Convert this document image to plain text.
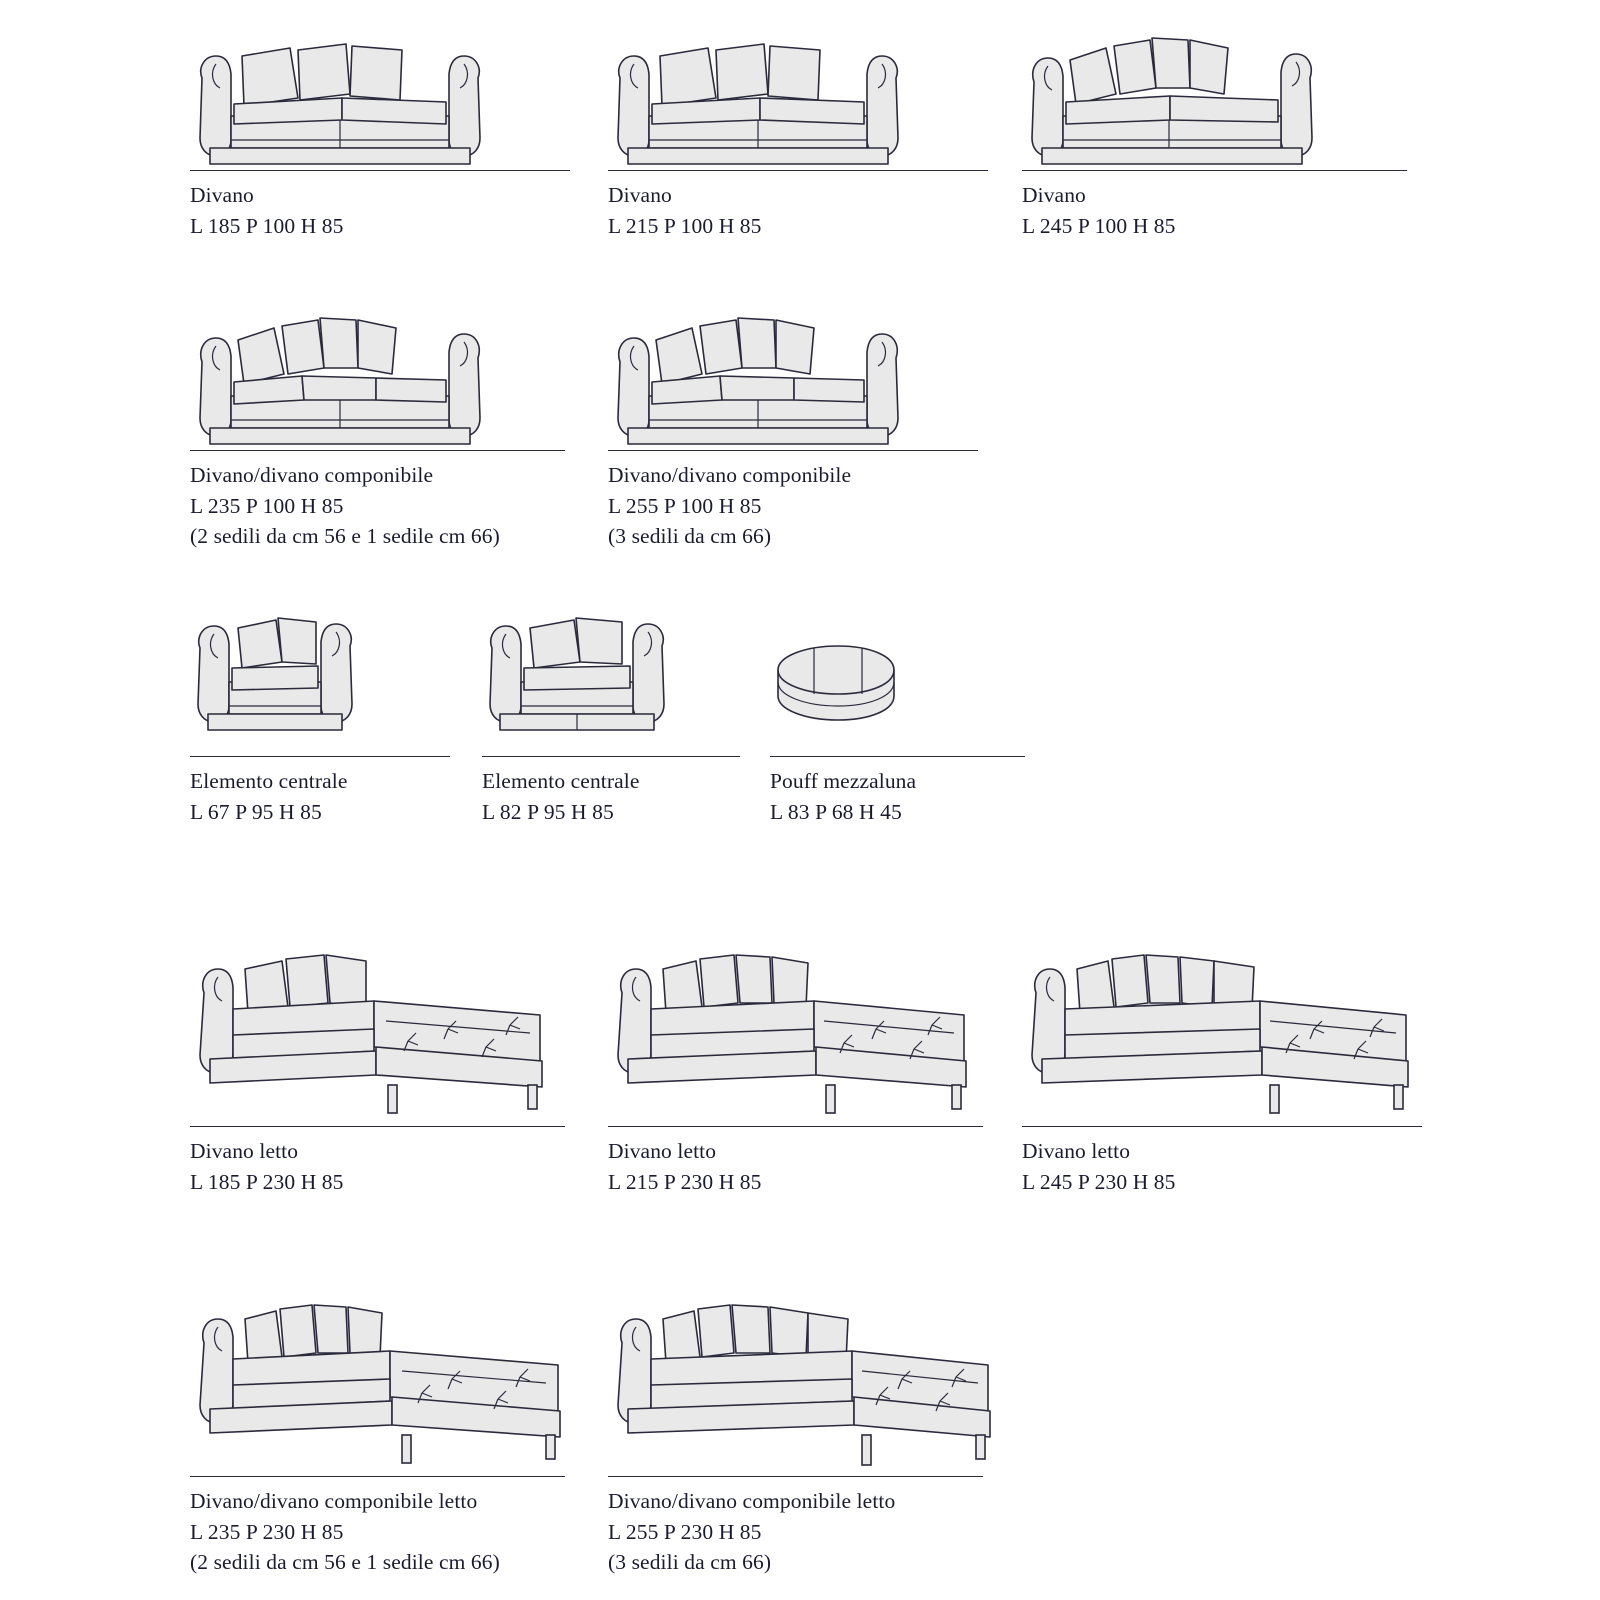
Divano
L 185 P 100 H 85
Divano
L 215 P 100 H 85
Divano
L 245 P 100 H 85
Divano/divano componibile
L 235 P 100 H 85
(2 sedili da cm 56 e 1 sedile cm 66)
Divano/divano componibile
L 255 P 100 H 85
(3 sedili da cm 66)
Elemento centrale
L 67 P 95 H 85
Elemento centrale
L 82 P 95 H 85
Pouff mezzaluna
L 83 P 68 H 45
Divano letto
L 185 P 230 H 85
Divano letto
L 215 P 230 H 85
Divano letto
L 245 P 230 H 85
Divano/divano componibile letto
L 235 P 230 H 85
(2 sedili da cm 56 e 1 sedile cm 66)
Divano/divano componibile letto
L 255 P 230 H 85
(3 sedili da cm 66)
